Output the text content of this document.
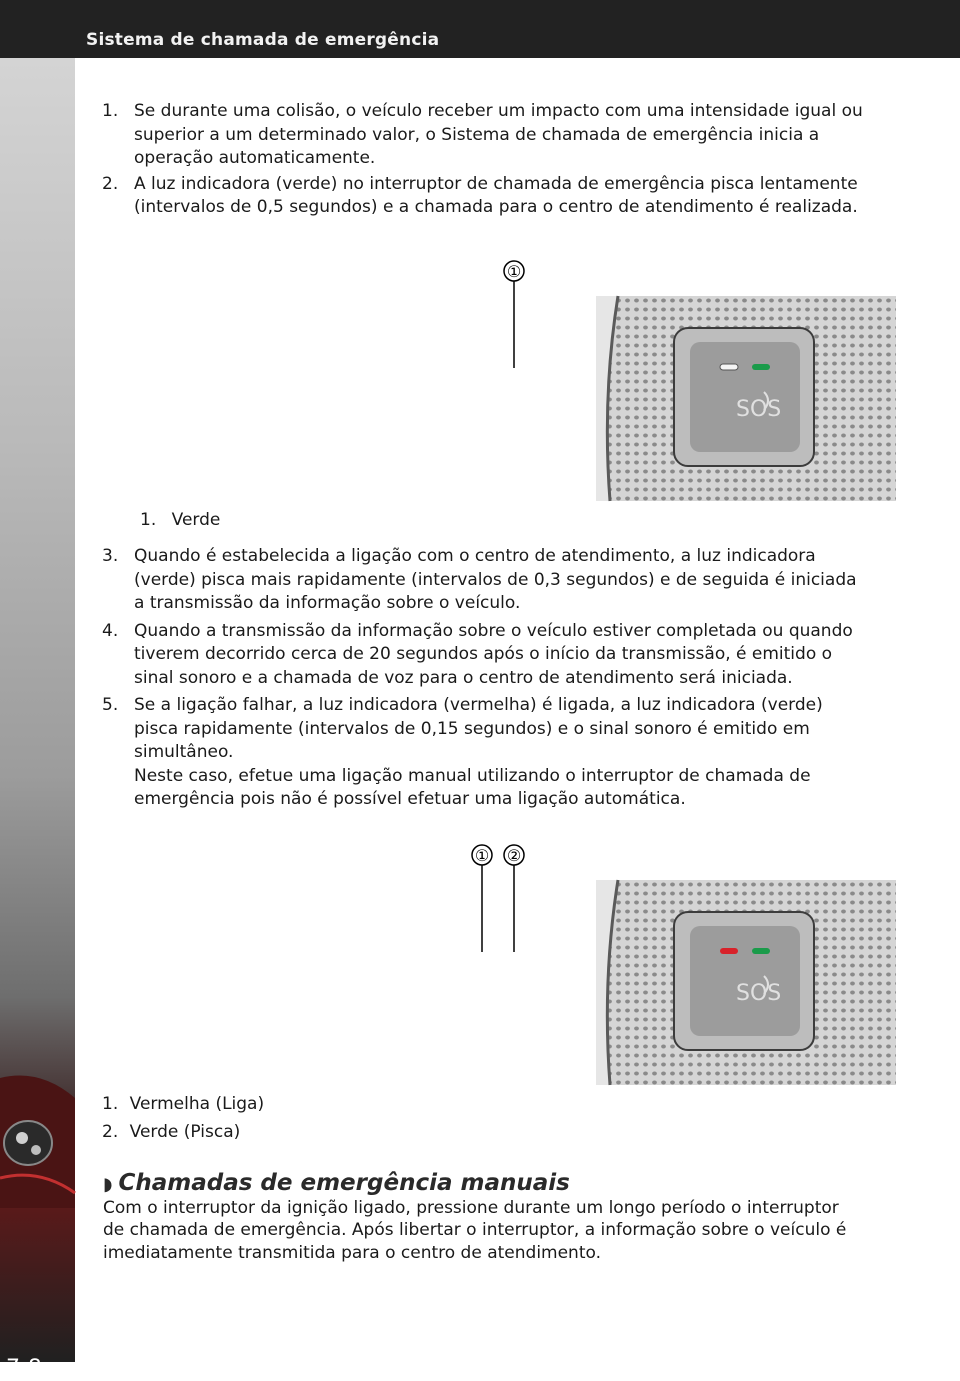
Sistema de chamada de emergência
7-8
1. Se durante uma colisão, o veículo receber um impacto com uma intensidade igual ou superior a um determinado valor, o Sistema de chamada de emergência inicia a operação automaticamente.
2. A luz indicadora (verde) no interruptor de chamada de emergência pisca lentamente (intervalos de 0,5 segundos) e a chamada para o centro de atendimento é realizada.
①
SOS
1. Verde
3. Quando é estabelecida a ligação com o centro de atendimento, a luz indicadora (verde) pisca mais rapidamente (intervalos de 0,3 segundos) e de seguida é iniciada a transmissão da informação sobre o veículo.
4. Quando a transmissão da informação sobre o veículo estiver completada ou quando tiverem decorrido cerca de 20 segundos após o início da transmissão, é emitido o sinal sonoro e a chamada de voz para o centro de atendimento será iniciada.
5. Se a ligação falhar, a luz indicadora (vermelha) é ligada, a luz indicadora (verde) pisca rapidamente (intervalos de 0,15 segundos) e o sinal sonoro é emitido em simultâneo.
Neste caso, efetue uma ligação manual utilizando o interruptor de chamada de emergência pois não é possível efetuar uma ligação automática.
① ②
SOS
1. Vermelha (Liga)
2. Verde (Pisca)
◗ Chamadas de emergência manuais

Com o interruptor da ignição ligado, pressione durante um longo período o interruptor de chamada de emergência. Após libertar o interruptor, a informação sobre o veículo é imediatamente transmitida para o centro de atendimento.
